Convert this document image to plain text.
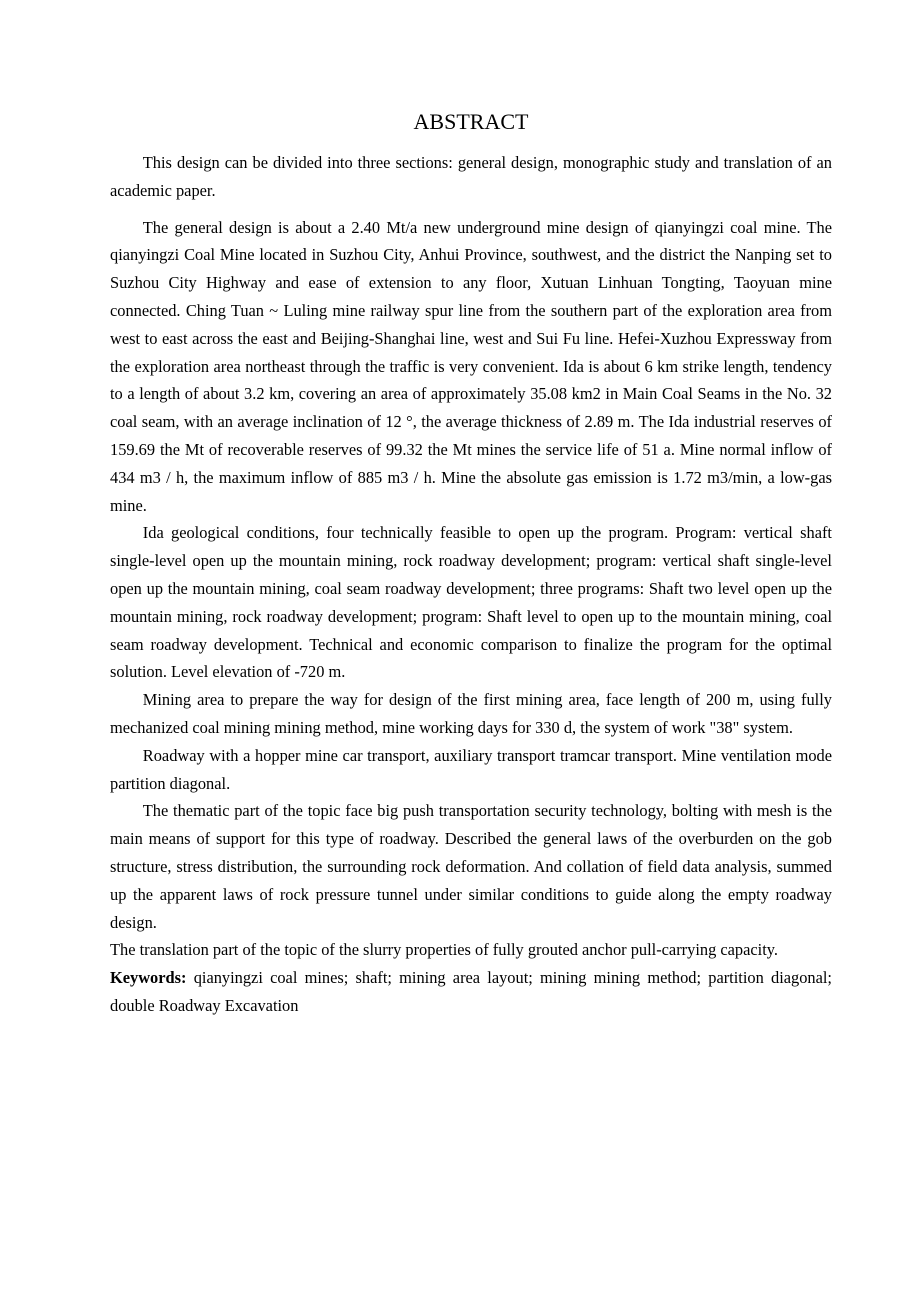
ABSTRACT

This design can be divided into three sections: general design, monographic study and translation of an academic paper.

The general design is about a 2.40 Mt/a new underground mine design of qianyingzi coal mine. The qianyingzi Coal Mine located in Suzhou City, Anhui Province, southwest, and the district the Nanping set to Suzhou City Highway and ease of extension to any floor, Xutuan Linhuan Tongting, Taoyuan mine connected. Ching Tuan ~ Luling mine railway spur line from the southern part of the exploration area from west to east across the east and Beijing-Shanghai line, west and Sui Fu line. Hefei-Xuzhou Expressway from the exploration area northeast through the traffic is very convenient. Ida is about 6 km strike length, tendency to a length of about 3.2 km, covering an area of approximately 35.08 km2 in Main Coal Seams in the No. 32 coal seam, with an average inclination of 12 °, the average thickness of 2.89 m. The Ida industrial reserves of 159.69 the Mt of recoverable reserves of 99.32 the Mt mines the service life of 51 a. Mine normal inflow of 434 m3 / h, the maximum inflow of 885 m3 / h. Mine the absolute gas emission is 1.72 m3/min, a low-gas mine.

Ida geological conditions, four technically feasible to open up the program. Program: vertical shaft single-level open up the mountain mining, rock roadway development; program: vertical shaft single-level open up the mountain mining, coal seam roadway development; three programs: Shaft two level open up the mountain mining, rock roadway development; program: Shaft level to open up to the mountain mining, coal seam roadway development. Technical and economic comparison to finalize the program for the optimal solution. Level elevation of -720 m.

Mining area to prepare the way for design of the first mining area, face length of 200 m, using fully mechanized coal mining mining method, mine working days for 330 d, the system of work "38" system.

Roadway with a hopper mine car transport, auxiliary transport tramcar transport. Mine ventilation mode partition diagonal.

The thematic part of the topic face big push transportation security technology, bolting with mesh is the main means of support for this type of roadway. Described the general laws of the overburden on the gob structure, stress distribution, the surrounding rock deformation. And collation of field data analysis, summed up the apparent laws of rock pressure tunnel under similar conditions to guide along the empty roadway design.

The translation part of the topic of the slurry properties of fully grouted anchor pull-carrying capacity.

Keywords: qianyingzi coal mines; shaft; mining area layout; mining mining method; partition diagonal; double Roadway Excavation
